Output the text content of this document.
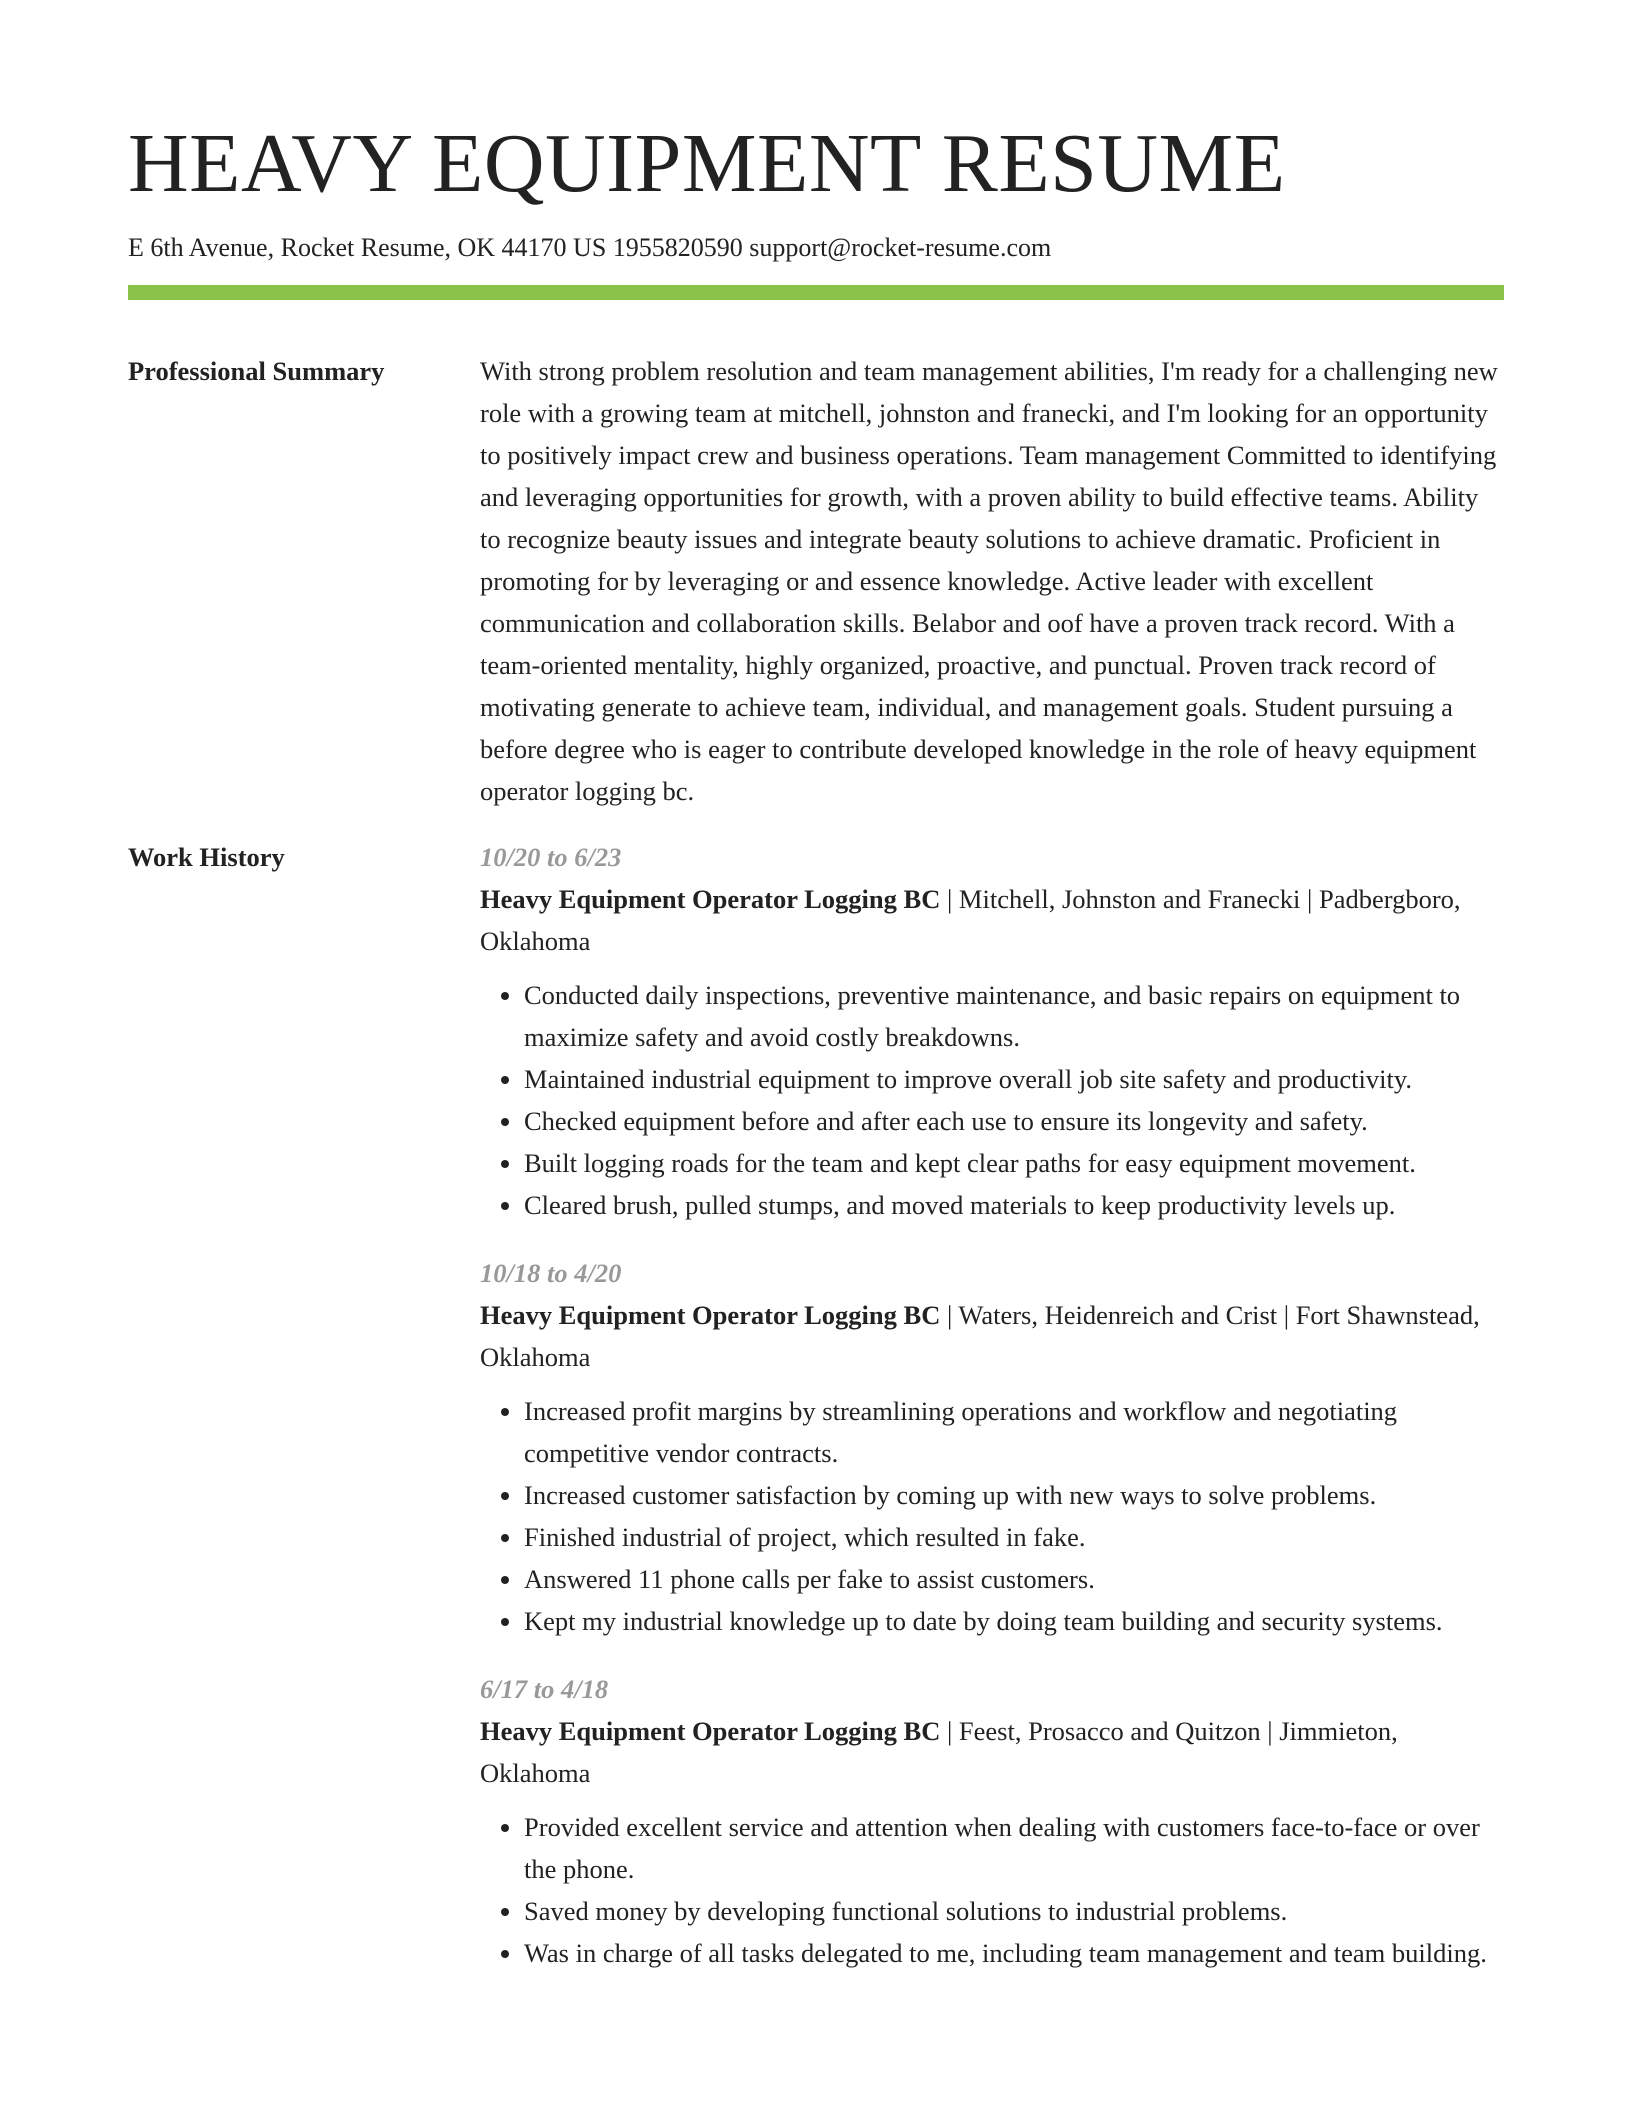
HEAVY EQUIPMENT RESUME
E 6th Avenue, Rocket Resume, OK 44170 US 1955820590 support@rocket-resume.com
Professional Summary	With strong problem resolution and team management abilities, I'm ready for a challenging new role with a growing team at mitchell, johnston and franecki, and I'm looking for an opportunity to positively impact crew and business operations. Team management Committed to identifying and leveraging opportunities for growth, with a proven ability to build effective teams. Ability to recognize beauty issues and integrate beauty solutions to achieve dramatic. Proficient in promoting for by leveraging or and essence knowledge. Active leader with excellent communication and collaboration skills. Belabor and oof have a proven track record. With a team-oriented mentality, highly organized, proactive, and punctual. Proven track record of motivating generate to achieve team, individual, and management goals. Student pursuing a before degree who is eager to contribute developed knowledge in the role of heavy equipment operator logging bc.
Work History	10/20 to 6/23
Heavy Equipment Operator Logging BC | Mitchell, Johnston and Franecki | Padbergboro, Oklahoma
• Conducted daily inspections, preventive maintenance, and basic repairs on equipment to maximize safety and avoid costly breakdowns.
• Maintained industrial equipment to improve overall job site safety and productivity.
• Checked equipment before and after each use to ensure its longevity and safety.
• Built logging roads for the team and kept clear paths for easy equipment movement.
• Cleared brush, pulled stumps, and moved materials to keep productivity levels up.
10/18 to 4/20
Heavy Equipment Operator Logging BC | Waters, Heidenreich and Crist | Fort Shawnstead, Oklahoma
• Increased profit margins by streamlining operations and workflow and negotiating competitive vendor contracts.
• Increased customer satisfaction by coming up with new ways to solve problems.
• Finished industrial of project, which resulted in fake.
• Answered 11 phone calls per fake to assist customers.
• Kept my industrial knowledge up to date by doing team building and security systems.
6/17 to 4/18
Heavy Equipment Operator Logging BC | Feest, Prosacco and Quitzon | Jimmieton, Oklahoma
• Provided excellent service and attention when dealing with customers face-to-face or over the phone.
• Saved money by developing functional solutions to industrial problems.
• Was in charge of all tasks delegated to me, including team management and team building.
